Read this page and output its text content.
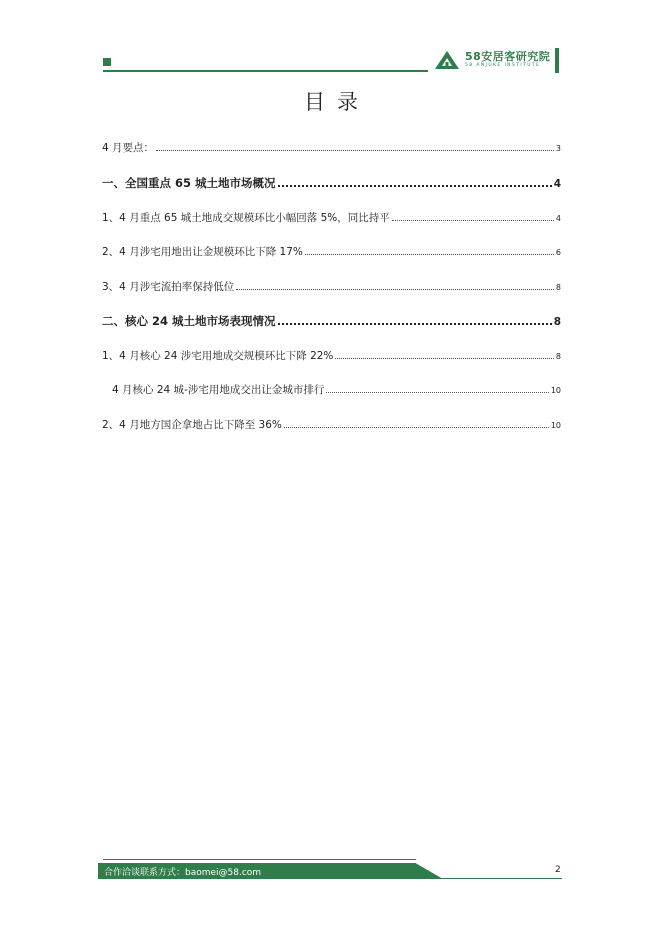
58安居客研究院
58 ANJUKE INSTITUTE
目录
4 月要点：	3
一、全国重点 65 城土地市场概况	4
1、4 月重点 65 城土地成交规模环比小幅回落 5%，同比持平	4
2、4 月涉宅用地出让金规模环比下降 17%	6
3、4 月涉宅流拍率保持低位	8
二、核心 24 城土地市场表现情况	8
1、4 月核心 24 涉宅用地成交规模环比下降 22%	8
4 月核心 24 城-涉宅用地成交出让金城市排行	10
2、4 月地方国企拿地占比下降至 36%	10
合作洽谈联系方式：baomei@58.com	2
